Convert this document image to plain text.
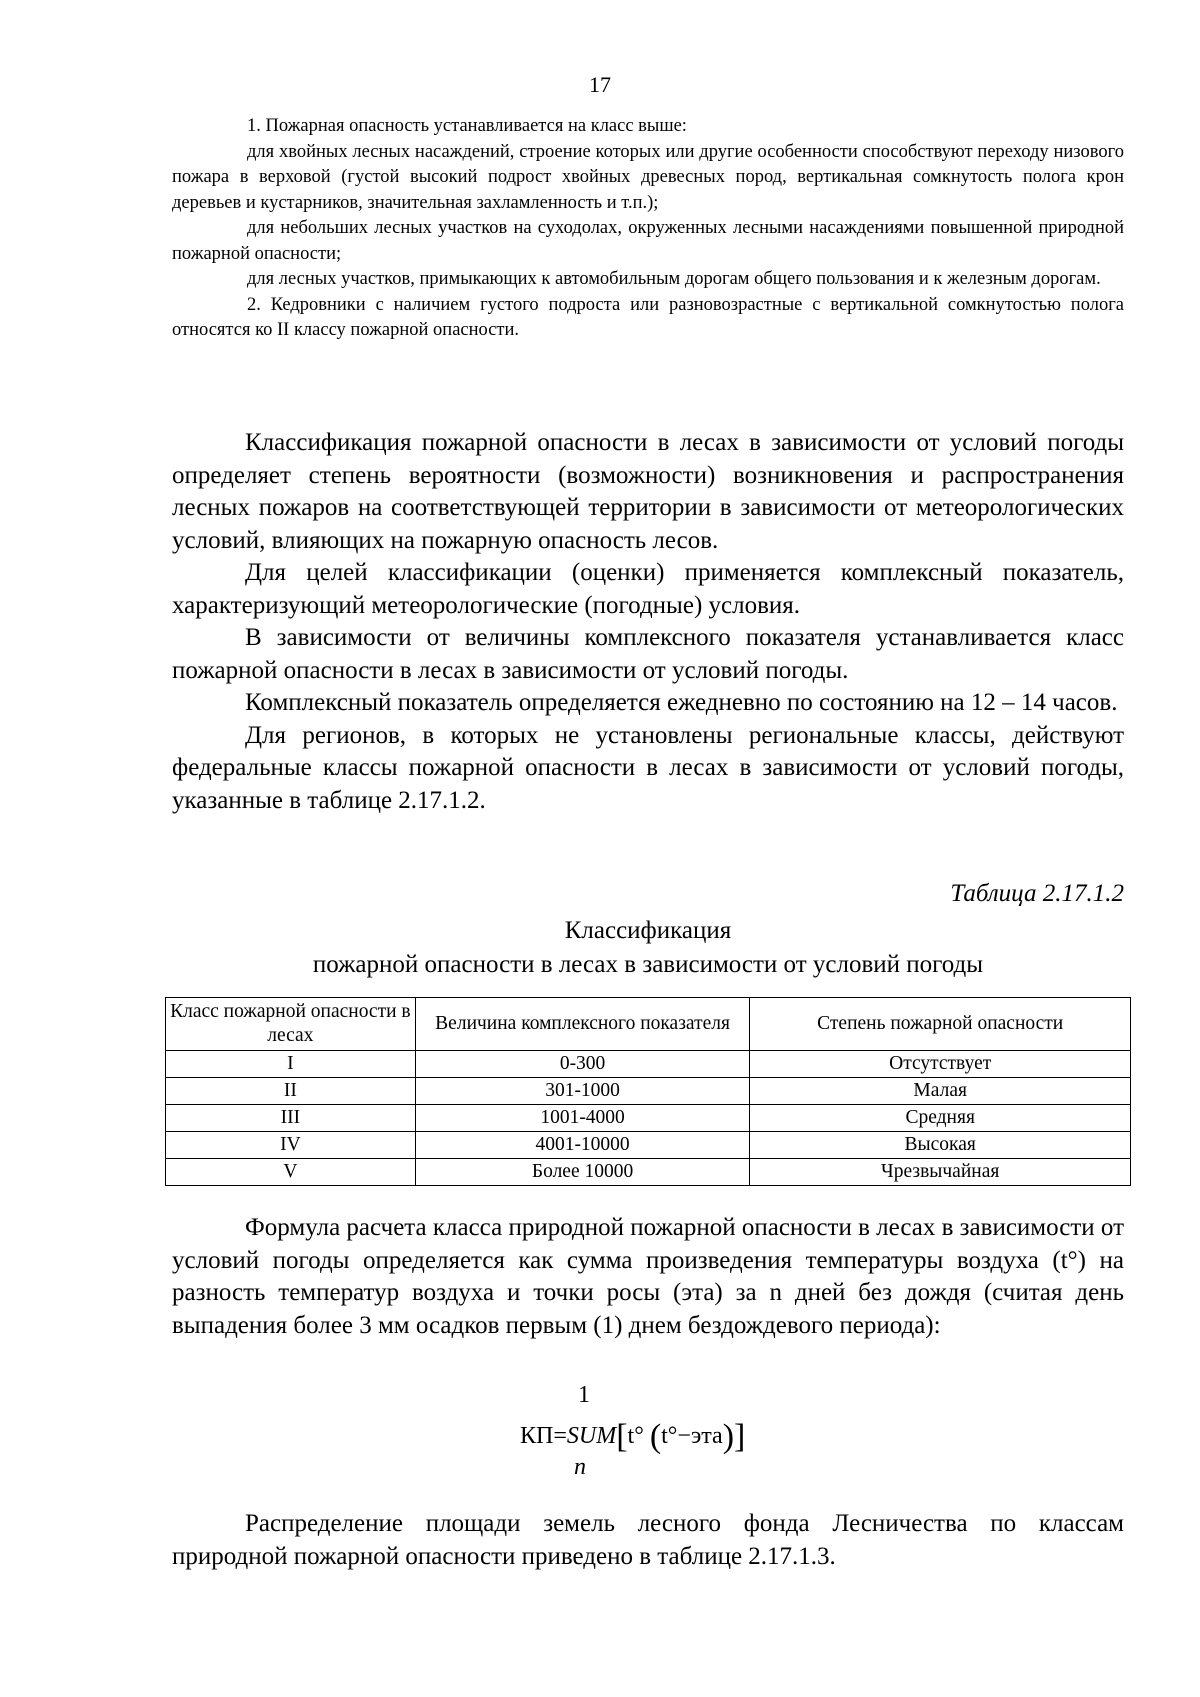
17

1. Пожарная опасность устанавливается на класс выше:

для хвойных лесных насаждений, строение которых или другие особенности способствуют переходу низового пожара в верховой (густой высокий подрост хвойных древесных пород, вертикальная сомкнутость полога крон деревьев и кустарников, значительная захламленность и т.п.);

для небольших лесных участков на суходолах, окруженных лесными насаждениями повышенной природной пожарной опасности;

для лесных участков, примыкающих к автомобильным дорогам общего пользования и к железным дорогам.

2. Кедровники с наличием густого подроста или разновозрастные с вертикальной сомкнутостью полога относятся ко II классу пожарной опасности.

Классификация пожарной опасности в лесах в зависимости от условий погоды определяет степень вероятности (возможности) возникновения и распространения лесных пожаров на соответствующей территории в зависимости от метеорологических условий, влияющих на пожарную опасность лесов.

Для целей классификации (оценки) применяется комплексный показатель, характеризующий метеорологические (погодные) условия.

В зависимости от величины комплексного показателя устанавливается класс пожарной опасности в лесах в зависимости от условий погоды.

Комплексный показатель определяется ежедневно по состоянию на 12 – 14 часов.

Для регионов, в которых не установлены региональные классы, действуют федеральные классы пожарной опасности в лесах в зависимости от условий погоды, указанные в таблице 2.17.1.2.

Таблица 2.17.1.2
Классификация
пожарной опасности в лесах в зависимости от условий погоды
Класс пожарной опасности в лесах	Величина комплексного показателя	Степень пожарной опасности
I	0-300	Отсутствует
II	301-1000	Малая
III	1001-4000	Средняя
IV	4001-10000	Высокая
V	Более 10000	Чрезвычайная

Формула расчета класса природной пожарной опасности в лесах в зависимости от условий погоды определяется как сумма произведения температуры воздуха (t°) на разность температур воздуха и точки росы (эта) за n дней без дождя (считая день выпадения более 3 мм осадков первым (1) днем бездождевого периода):

1
КП=SUM[t° (t°−эта)]
n

Распределение площади земель лесного фонда Лесничества по классам природной пожарной опасности приведено в таблице 2.17.1.3.
